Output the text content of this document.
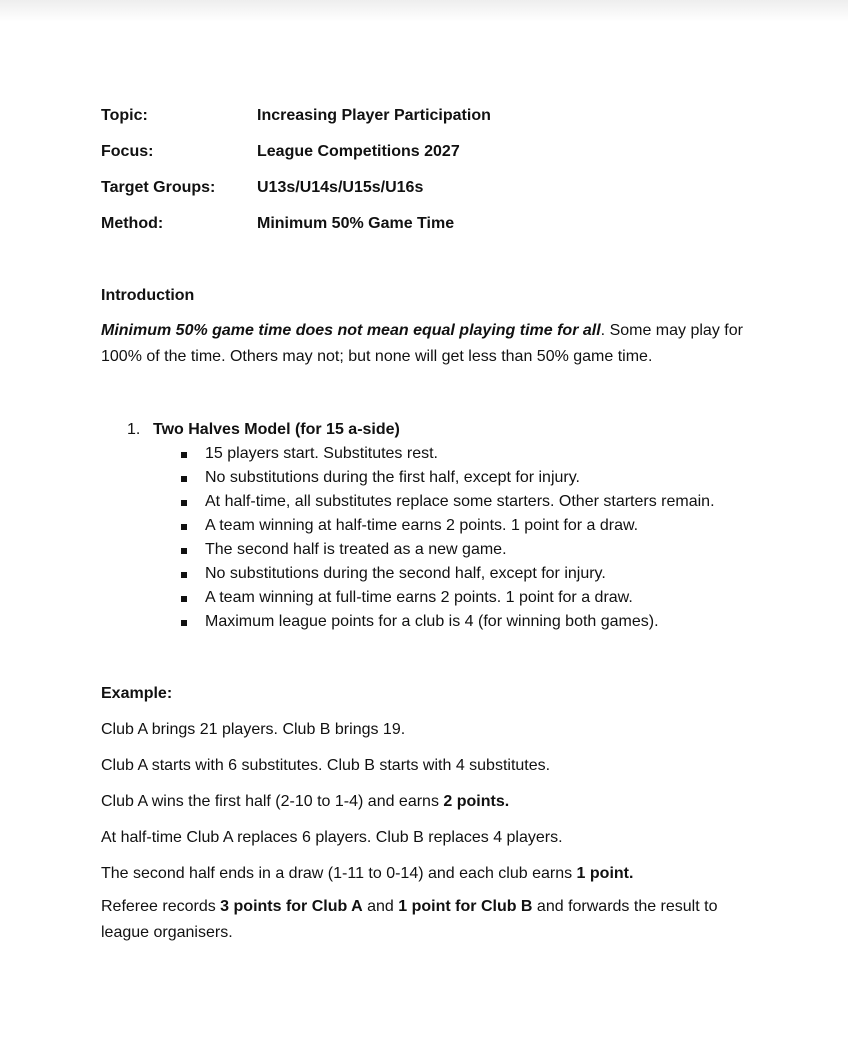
Topic:	Increasing Player Participation
Focus:	League Competitions 2027
Target Groups:	U13s/U14s/U15s/U16s
Method:	Minimum 50% Game Time

Introduction

Minimum 50% game time does not mean equal playing time for all. Some may play for 100% of the time. Others may not; but none will get less than 50% game time.

1. Two Halves Model (for 15 a-side)
15 players start. Substitutes rest.
No substitutions during the first half, except for injury.
At half-time, all substitutes replace some starters. Other starters remain.
A team winning at half-time earns 2 points. 1 point for a draw.
The second half is treated as a new game.
No substitutions during the second half, except for injury.
A team winning at full-time earns 2 points. 1 point for a draw.
Maximum league points for a club is 4 (for winning both games).

Example:

Club A brings 21 players. Club B brings 19.
Club A starts with 6 substitutes. Club B starts with 4 substitutes.
Club A wins the first half (2-10 to 1-4) and earns 2 points.
At half-time Club A replaces 6 players. Club B replaces 4 players.
The second half ends in a draw (1-11 to 0-14) and each club earns 1 point.
Referee records 3 points for Club A and 1 point for Club B and forwards the result to league organisers.
